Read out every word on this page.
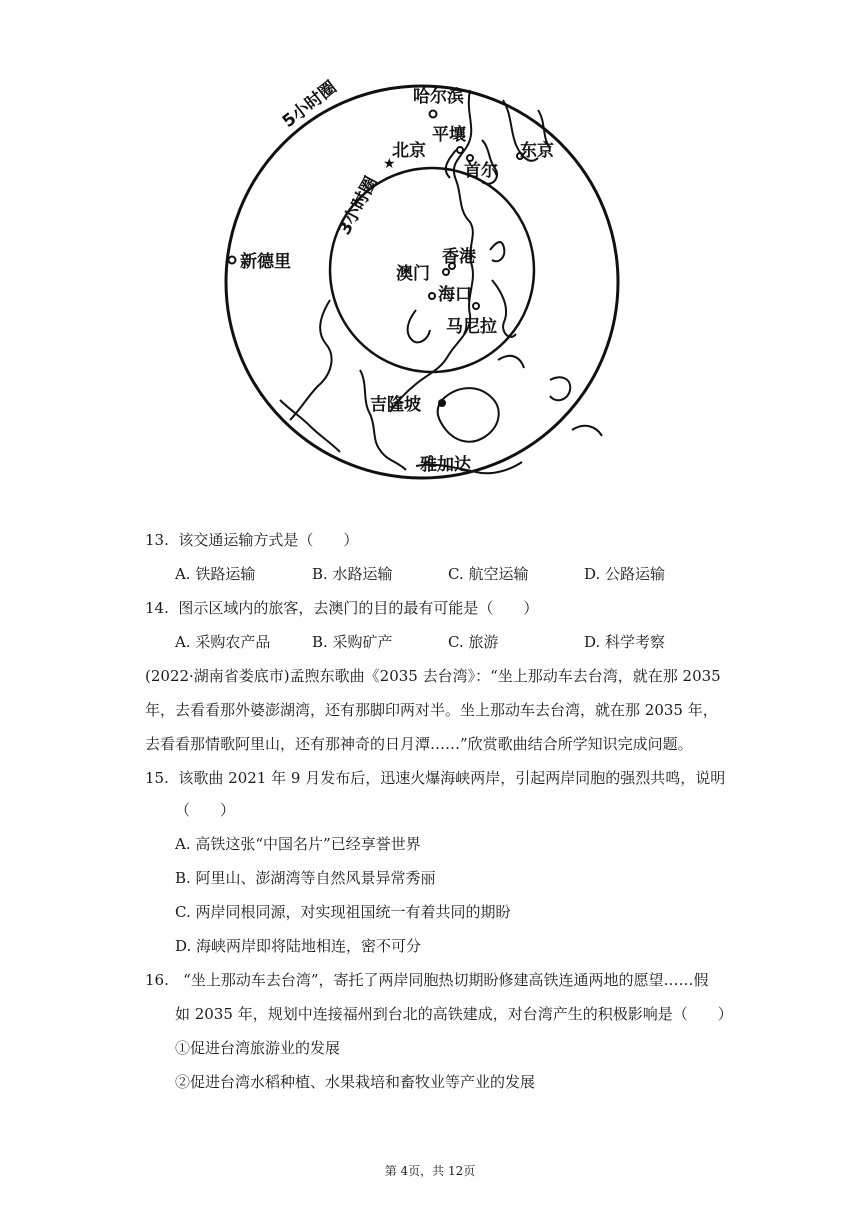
5小时圈
3小时圈
★
哈尔滨
平壤
北京
首尔
东京
新德里	香港
澳门
海口
马尼拉
吉隆坡
雅加达
13. 该交通运输方式是（　　）
A. 铁路运输	B. 水路运输	C. 航空运输	D. 公路运输
14. 图示区域内的旅客，去澳门的目的最有可能是（　　）
A. 采购农产品	B. 采购矿产	C. 旅游	D. 科学考察
(2022·湖南省娄底市)孟煦东歌曲《2035 去台湾》：“坐上那动车去台湾，就在那 2035
年，去看看那外婆澎湖湾，还有那脚印两对半。坐上那动车去台湾，就在那 2035 年，
去看看那情歌阿里山，还有那神奇的日月潭……”欣赏歌曲结合所学知识完成问题。
15. 该歌曲 2021 年 9 月发布后，迅速火爆海峡两岸，引起两岸同胞的强烈共鸣，说明
（　　）
A. 高铁这张“中国名片”已经享誉世界
B. 阿里山、澎湖湾等自然风景异常秀丽
C. 两岸同根同源，对实现祖国统一有着共同的期盼
D. 海峡两岸即将陆地相连，密不可分
16. “坐上那动车去台湾”，寄托了两岸同胞热切期盼修建高铁连通两地的愿望……假
如 2035 年，规划中连接福州到台北的高铁建成，对台湾产生的积极影响是（　　）
①促进台湾旅游业的发展
②促进台湾水稻种植、水果栽培和畜牧业等产业的发展
第 4页，共 12页
